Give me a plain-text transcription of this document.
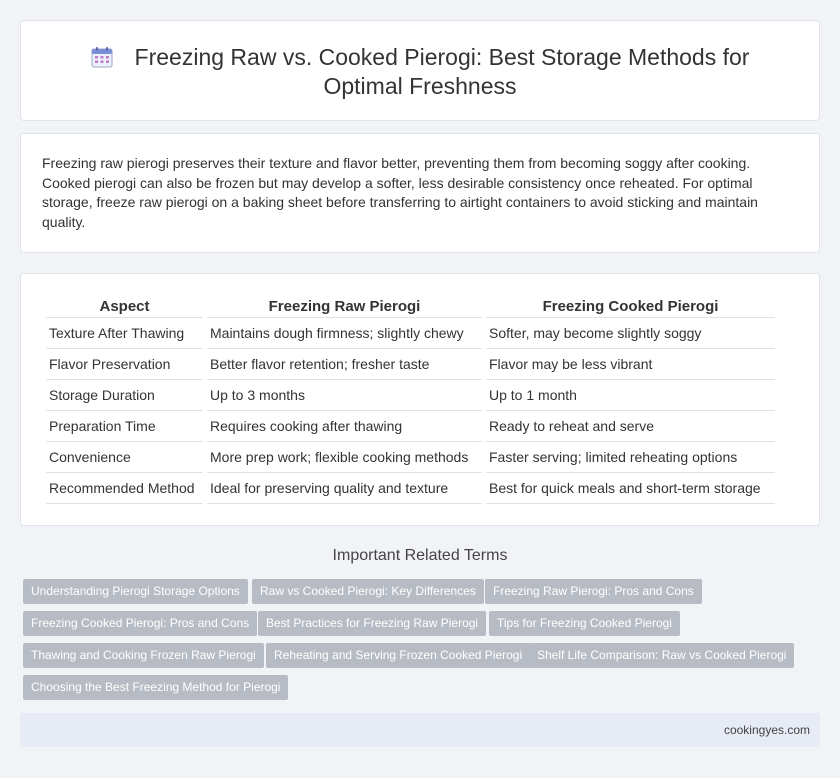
Freezing Raw vs. Cooked Pierogi: Best Storage Methods for
Optimal Freshness

Freezing raw pierogi preserves their texture and flavor better, preventing them from becoming soggy after cooking. Cooked pierogi can also be frozen but may develop a softer, less desirable consistency once reheated. For optimal storage, freeze raw pierogi on a baking sheet before transferring to airtight containers to avoid sticking and maintain quality.

Aspect	Freezing Raw Pierogi	Freezing Cooked Pierogi
Texture After Thawing	Maintains dough firmness; slightly chewy	Softer, may become slightly soggy
Flavor Preservation	Better flavor retention; fresher taste	Flavor may be less vibrant
Storage Duration	Up to 3 months	Up to 1 month
Preparation Time	Requires cooking after thawing	Ready to reheat and serve
Convenience	More prep work; flexible cooking methods	Faster serving; limited reheating options
Recommended Method	Ideal for preserving quality and texture	Best for quick meals and short-term storage
Important Related Terms
Understanding Pierogi Storage Options	Raw vs Cooked Pierogi: Key Differences	Freezing Raw Pierogi: Pros and Cons
Freezing Cooked Pierogi: Pros and Cons	Best Practices for Freezing Raw Pierogi	Tips for Freezing Cooked Pierogi
Thawing and Cooking Frozen Raw Pierogi	Reheating and Serving Frozen Cooked Pierogi	Shelf Life Comparison: Raw vs Cooked Pierogi
Choosing the Best Freezing Method for Pierogi
cookingyes.com
